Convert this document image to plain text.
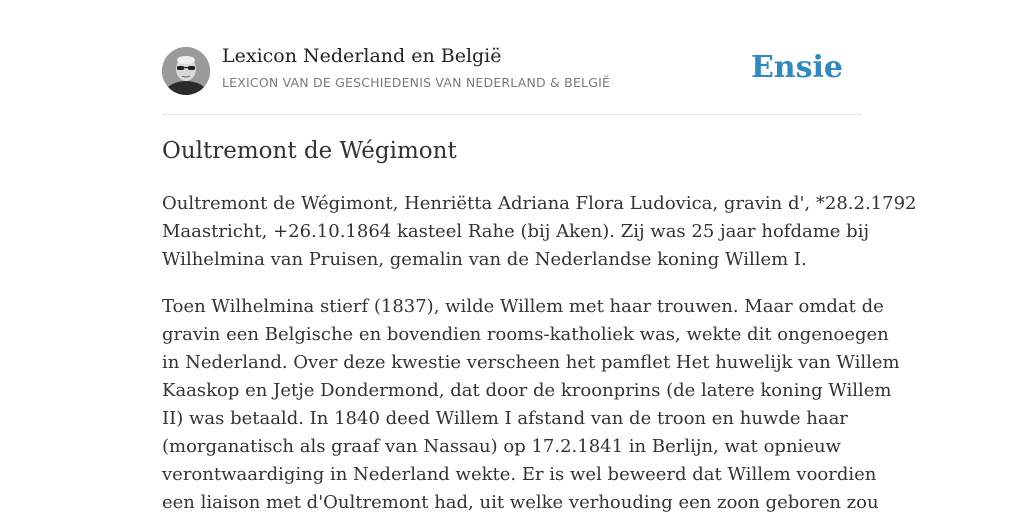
Lexicon Nederland en België
LEXICON VAN DE GESCHIEDENIS VAN NEDERLAND & BELGIË	Ensie
Oultremont de Wégimont

Oultremont de Wégimont, Henriëtta Adriana Flora Ludovica, gravin d', *28.2.1792
Maastricht, +26.10.1864 kasteel Rahe (bij Aken). Zij was 25 jaar hofdame bij
Wilhelmina van Pruisen, gemalin van de Nederlandse koning Willem I.

Toen Wilhelmina stierf (1837), wilde Willem met haar trouwen. Maar omdat de
gravin een Belgische en bovendien rooms-katholiek was, wekte dit ongenoegen
in Nederland. Over deze kwestie verscheen het pamflet Het huwelijk van Willem
Kaaskop en Jetje Dondermond, dat door de kroonprins (de latere koning Willem
II) was betaald. In 1840 deed Willem I afstand van de troon en huwde haar
(morganatisch als graaf van Nassau) op 17.2.1841 in Berlijn, wat opnieuw
verontwaardiging in Nederland wekte. Er is wel beweerd dat Willem voordien
een liaison met d'Oultremont had, uit welke verhouding een zoon geboren zou
